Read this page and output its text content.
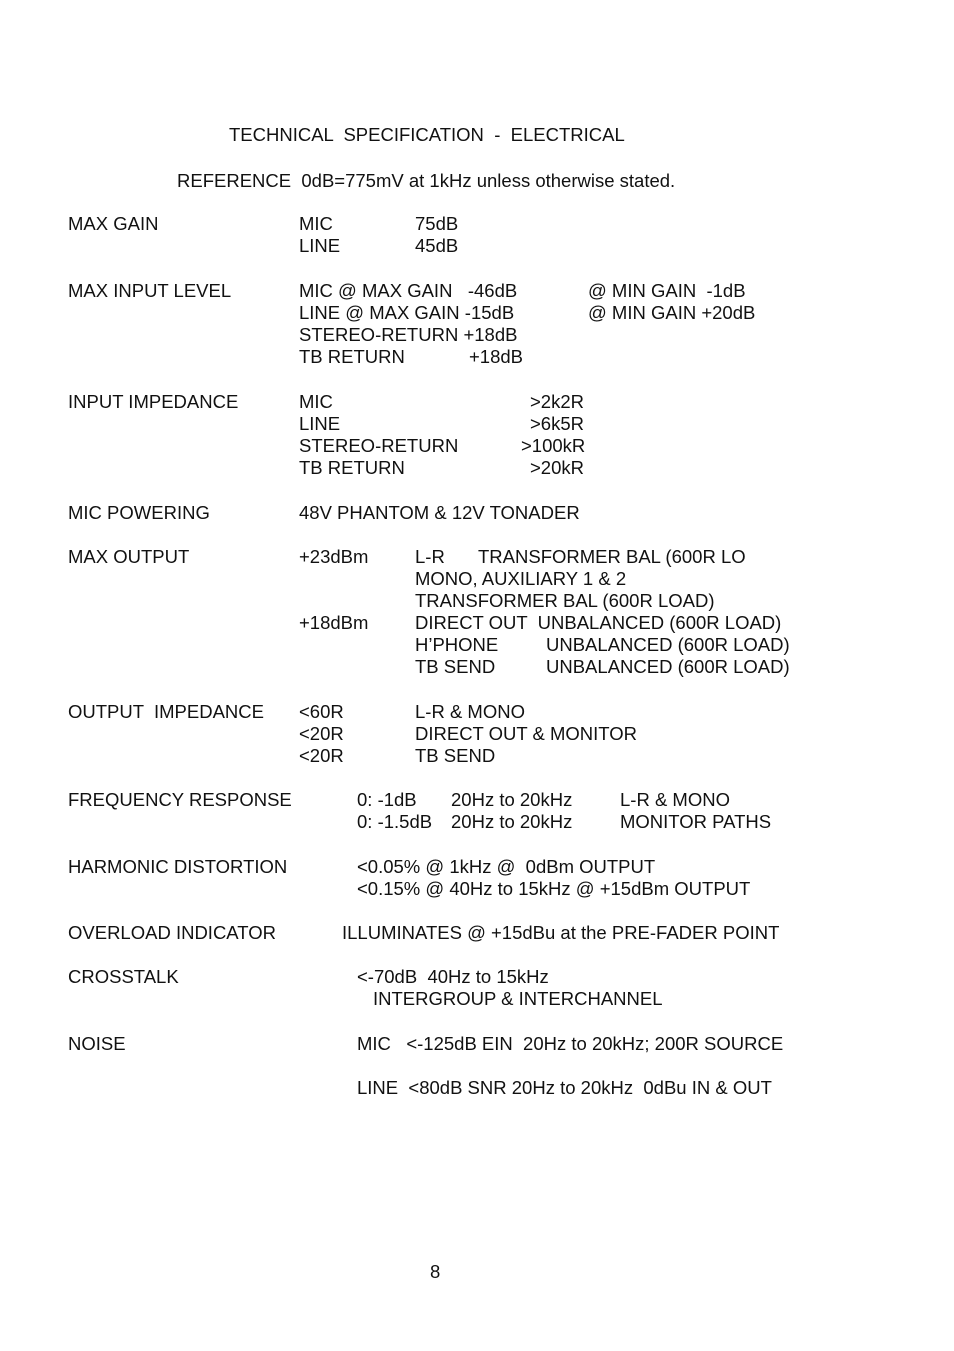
TECHNICAL  SPECIFICATION  -  ELECTRICAL
REFERENCE  0dB=775mV at 1kHz unless otherwise stated.
MAX GAIN	MIC	75dB
LINE	45dB
MAX INPUT LEVEL	MIC @ MAX GAIN   -46dB	@ MIN GAIN  -1dB
LINE @ MAX GAIN -15dB	@ MIN GAIN +20dB
STEREO-RETURN +18dB
TB RETURN	+18dB
INPUT IMPEDANCE	MIC	>2k2R
LINE	>6k5R
STEREO-RETURN	>100kR
TB RETURN	>20kR
MIC POWERING	48V PHANTOM & 12V TONADER
MAX OUTPUT	+23dBm	L-R TRANSFORMER BAL (600R LO
MONO, AUXILIARY 1 & 2
TRANSFORMER BAL (600R LOAD)
+18dBm	DIRECT OUT  UNBALANCED (600R LOAD)
H’PHONE	UNBALANCED (600R LOAD)
TB SEND	UNBALANCED (600R LOAD)
OUTPUT  IMPEDANCE <60R	L-R & MONO
<20R	DIRECT OUT & MONITOR
<20R	TB SEND
FREQUENCY RESPONSE	0: -1dB 20Hz to 20kHz	L-R & MONO
0: -1.5dB 20Hz to 20kHz	MONITOR PATHS
HARMONIC DISTORTION	<0.05% @ 1kHz @  0dBm OUTPUT
<0.15% @ 40Hz to 15kHz @ +15dBm OUTPUT
OVERLOAD INDICATOR	ILLUMINATES @ +15dBu at the PRE-FADER POINT
CROSSTALK	<-70dB  40Hz to 15kHz
INTERGROUP & INTERCHANNEL
NOISE	MIC   <-125dB EIN  20Hz to 20kHz; 200R SOURCE
LINE  <80dB SNR 20Hz to 20kHz  0dBu IN & OUT
8
